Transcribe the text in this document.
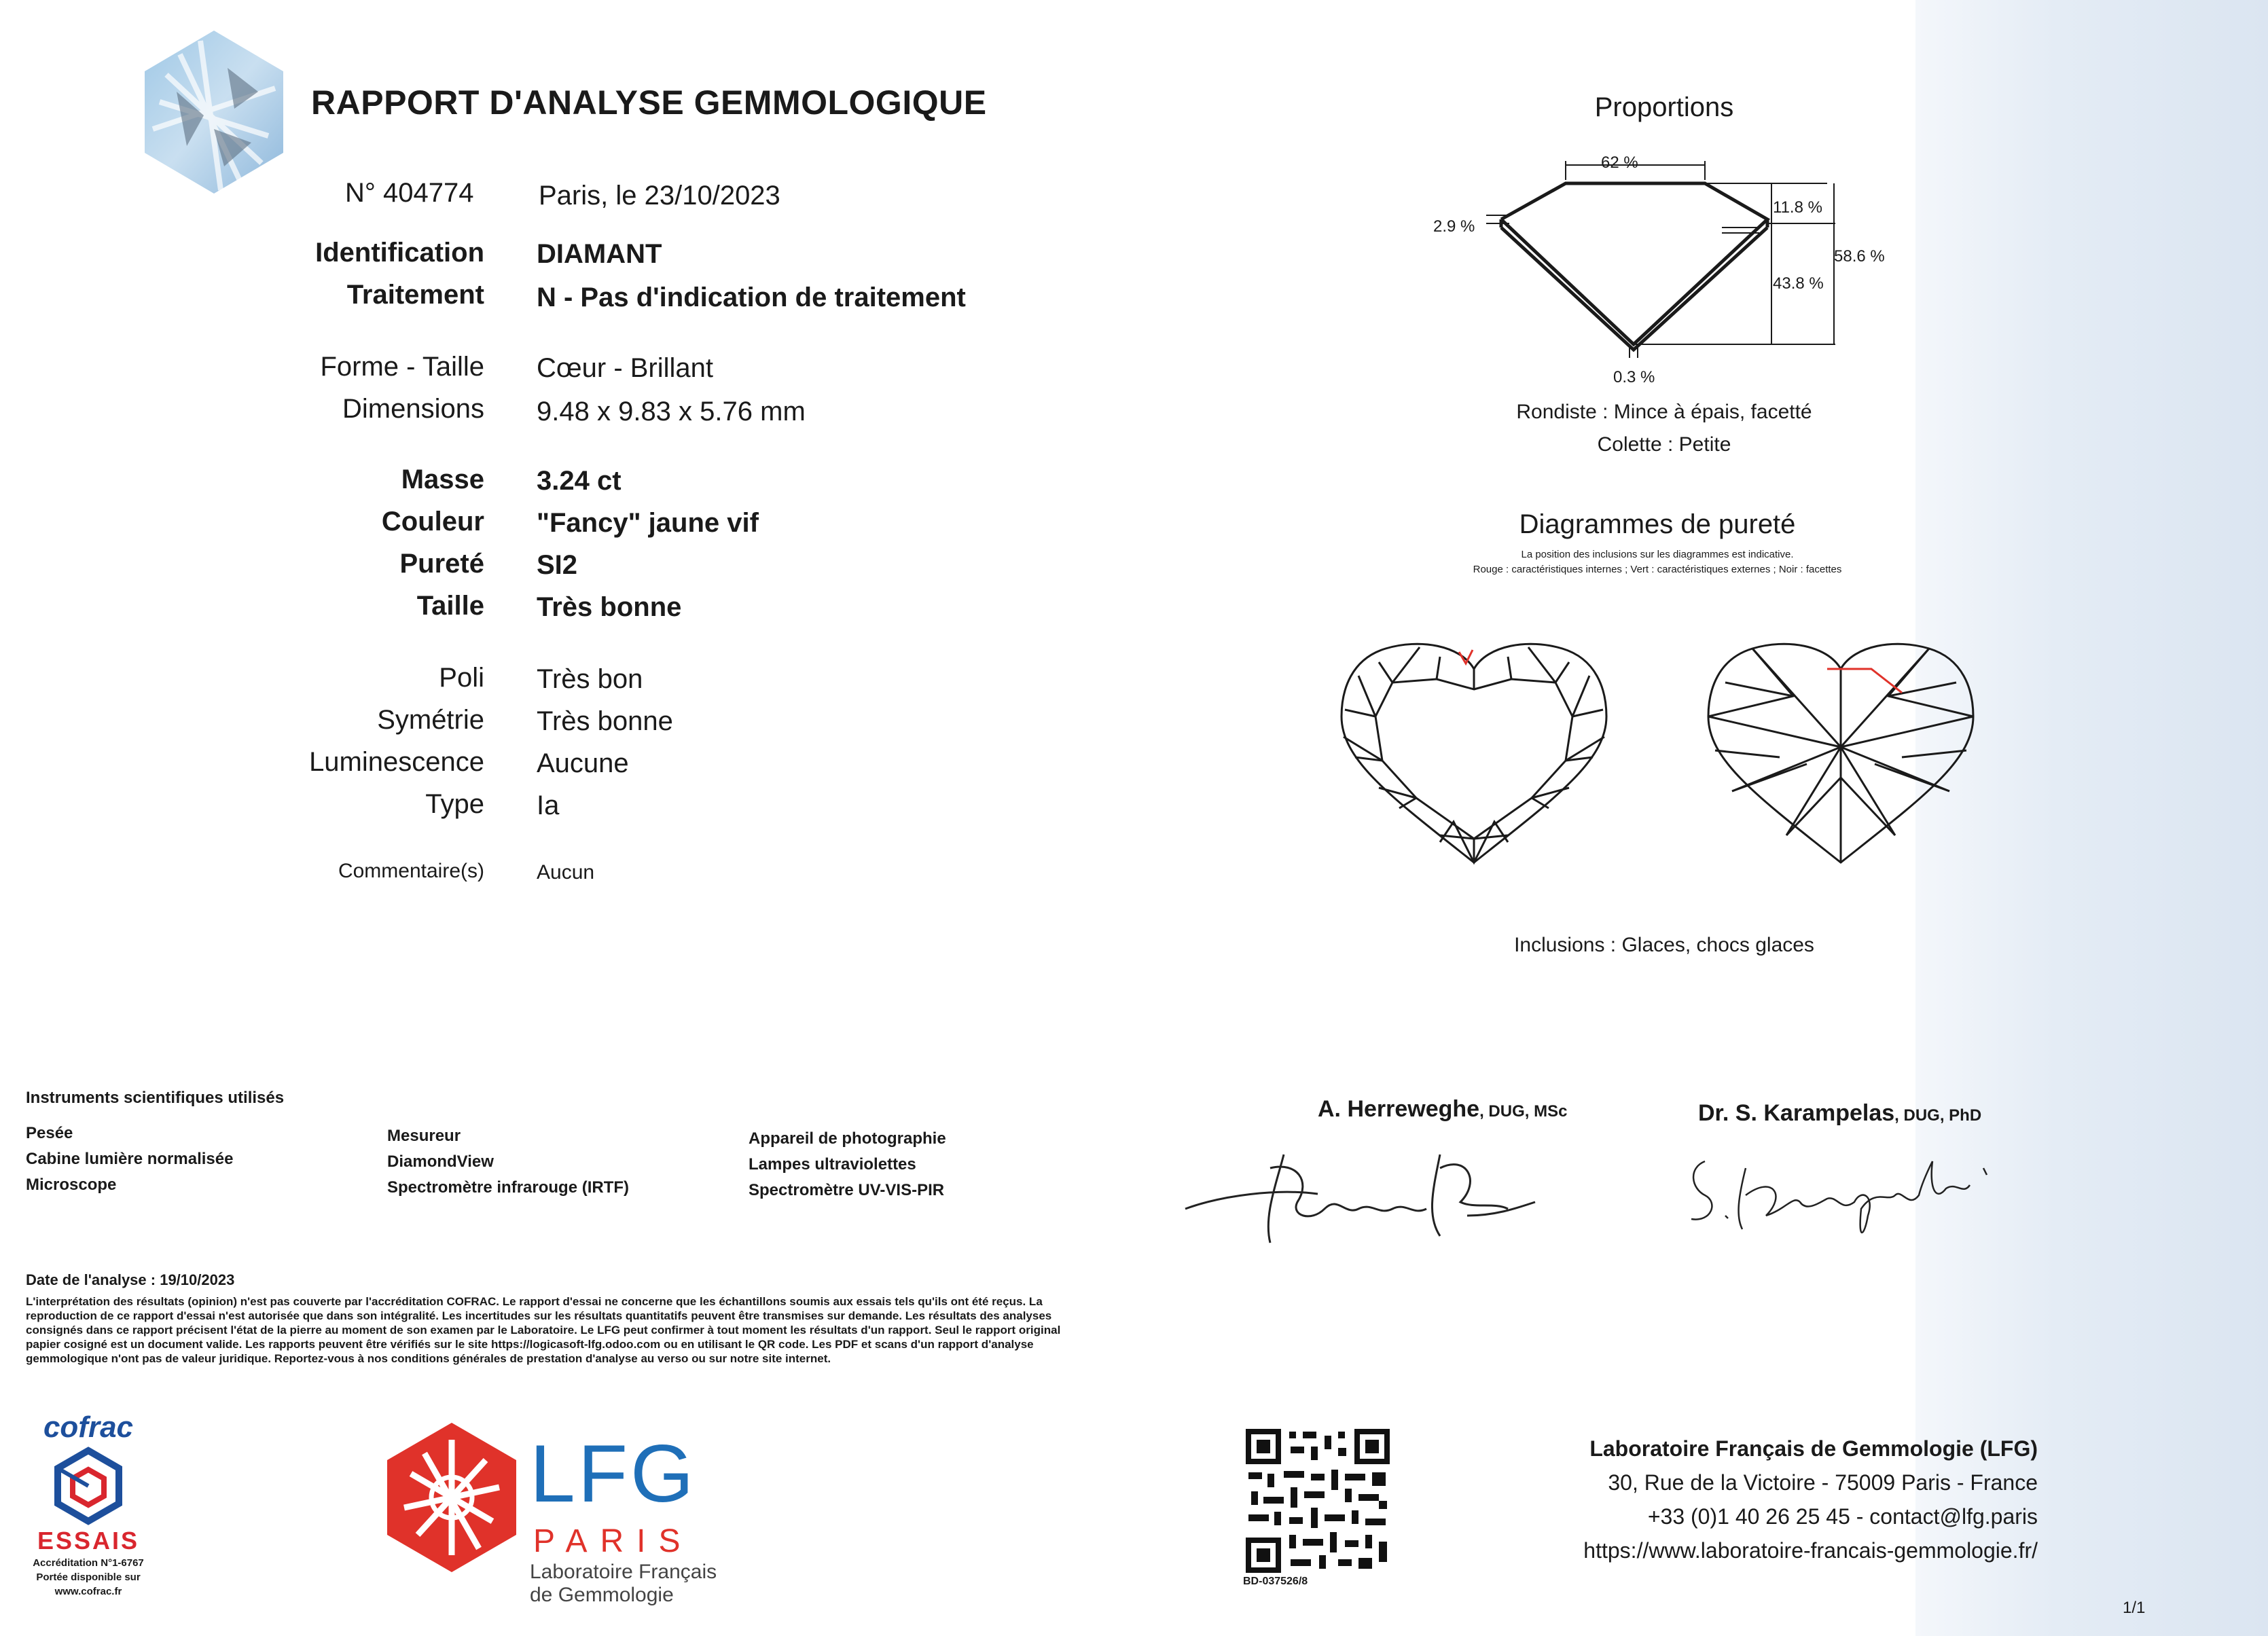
RAPPORT D'ANALYSE GEMMOLOGIQUE
N° 404774 Paris, le 23/10/2023
Identification DIAMANT
Traitement N - Pas d'indication de traitement
Forme - Taille Cœur - Brillant
Dimensions 9.48 x 9.83 x 5.76 mm
Masse 3.24 ct
Couleur "Fancy" jaune vif
Pureté SI2
Taille Très bonne
Poli Très bon
Symétrie Très bonne
Luminescence Aucune
Type Ia
Commentaire(s)	Aucun
Proportions
62 %
2.9 %
11.8 %
43.8 %
58.6 %
0.3 %
Rondiste : Mince à épais, facetté
Colette : Petite
Diagrammes de pureté
La position des inclusions sur les diagrammes est indicative.
Rouge : caractéristiques internes ; Vert : caractéristiques externes ; Noir : facettes
Inclusions : Glaces, chocs glaces
Instruments scientifiques utilisés
Pesée
Cabine lumière normalisée
Microscope
Mesureur
DiamondView
Spectromètre infrarouge (IRTF)
Appareil de photographie
Lampes ultraviolettes
Spectromètre UV-VIS-PIR
A. Herreweghe, DUG, MSc	Dr. S. Karampelas, DUG, PhD
Date de l'analyse : 19/10/2023
L'interprétation des résultats (opinion) n'est pas couverte par l'accréditation COFRAC. Le rapport d'essai ne concerne que les échantillons soumis aux essais tels qu'ils ont été reçus. La reproduction de ce rapport d'essai n'est autorisée que dans son intégralité. Les incertitudes sur les résultats quantitatifs peuvent être transmises sur demande. Les résultats des analyses consignés dans ce rapport précisent l'état de la pierre au moment de son examen par le Laboratoire. Le LFG peut confirmer à tout moment les résultats d'un rapport. Seul le rapport original papier cosigné est un document valide. Les rapports peuvent être vérifiés sur le site https://logicasoft-lfg.odoo.com ou en utilisant le QR code. Les PDF et scans d'un rapport d'analyse gemmologique n'ont pas de valeur juridique. Reportez-vous à nos conditions générales de prestation d'analyse au verso ou sur notre site internet.
cofrac
ESSAIS
Accréditation N°1-6767
Portée disponible sur
www.cofrac.fr
LFG
PARIS
Laboratoire Français
de Gemmologie
BD-037526/8
Laboratoire Français de Gemmologie (LFG)
30, Rue de la Victoire - 75009 Paris - France
+33 (0)1 40 26 25 45 - contact@lfg.paris
https://www.laboratoire-francais-gemmologie.fr/
1/1
